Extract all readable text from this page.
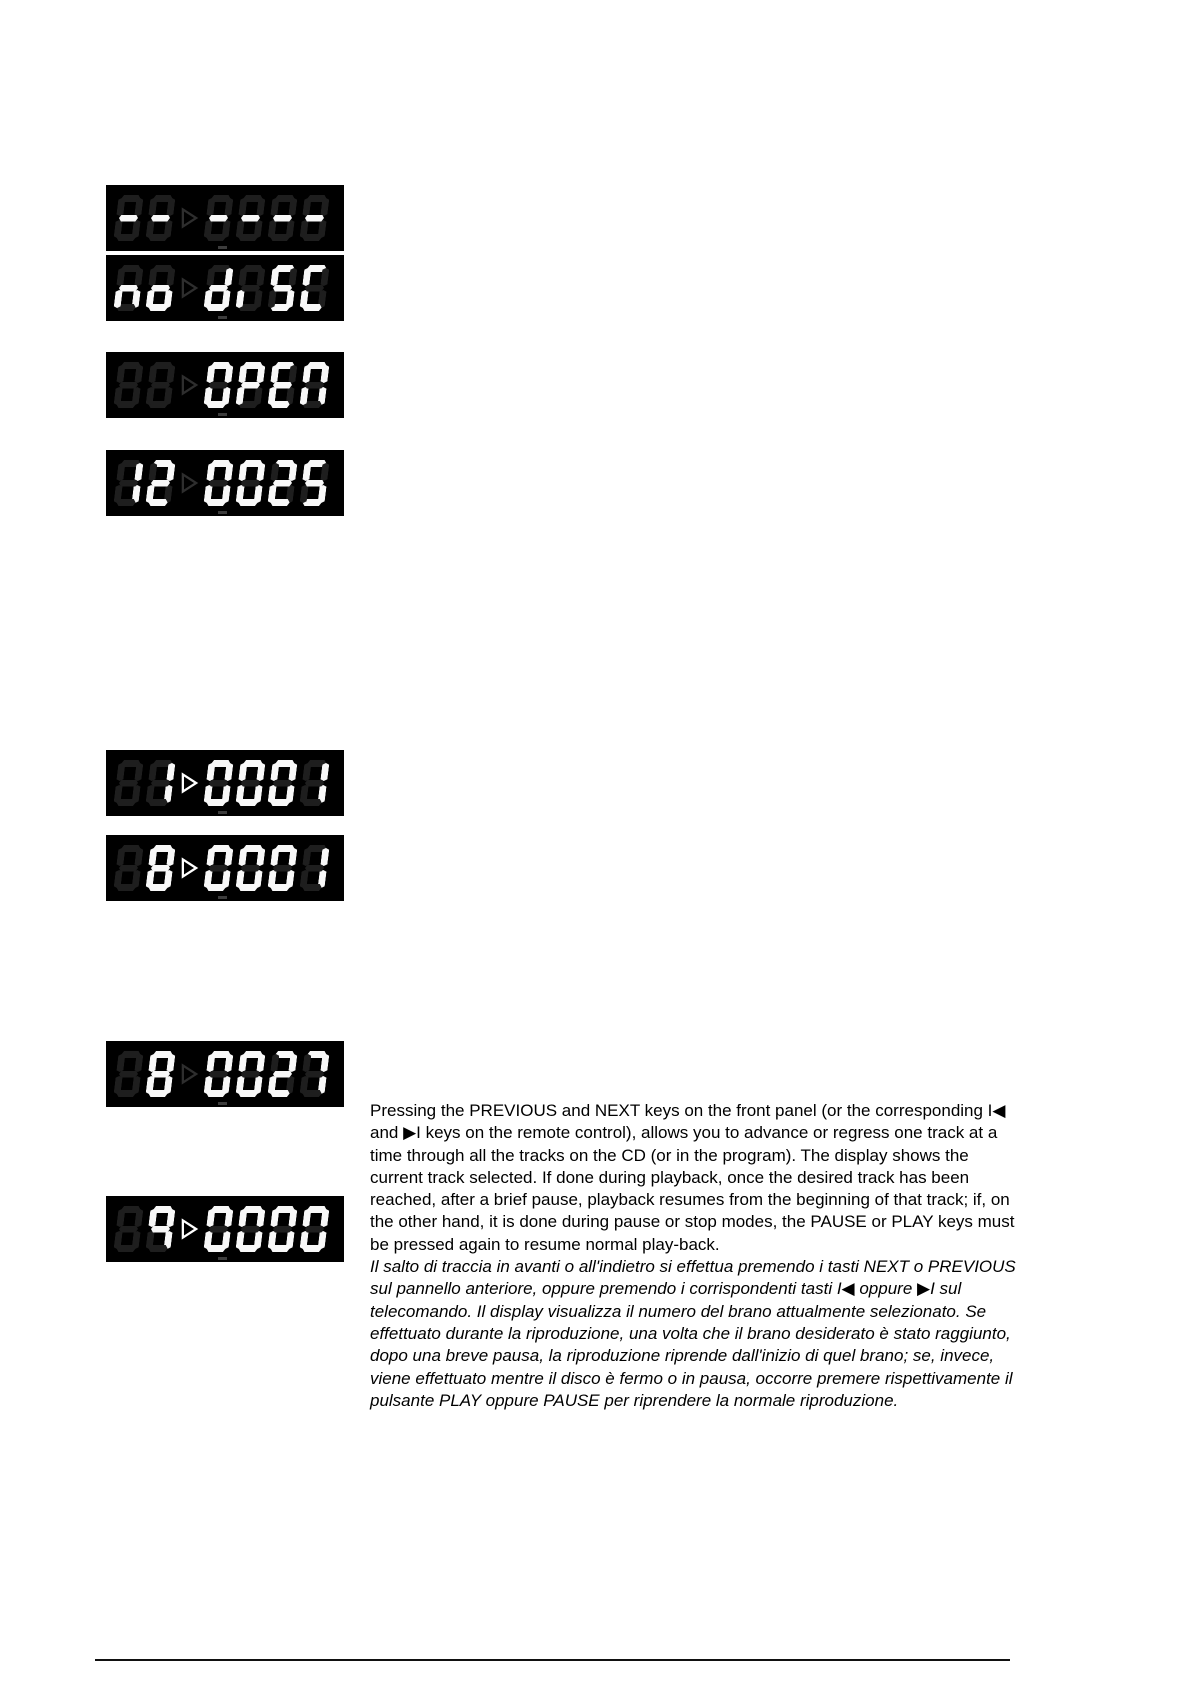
Pressing the PREVIOUS and NEXT keys on the front panel (or the corresponding I◀ and ▶I keys on the remote control), allows you to advance or regress one track at a time through all the tracks on the CD (or in the program). The display shows the current track selected. If done during playback, once the desired track has been reached, after a brief pause, playback resumes from the beginning of that track; if, on the other hand, it is done during pause or stop modes, the PAUSE or PLAY keys must be pressed again to resume normal play-back.

Il salto di traccia in avanti o all'indietro si effettua premendo i tasti NEXT o PREVIOUS sul pannello anteriore, oppure premendo i corrispondenti tasti I◀ oppure ▶I sul telecomando. Il display visualizza il numero del brano attualmente selezionato. Se effettuato durante la riproduzione, una volta che il brano desiderato è stato raggiunto, dopo una breve pausa, la riproduzione riprende dall'inizio di quel brano; se, invece, viene effettuato mentre il disco è fermo o in pausa, occorre premere rispettivamente il pulsante PLAY oppure PAUSE per riprendere la normale riproduzione.
